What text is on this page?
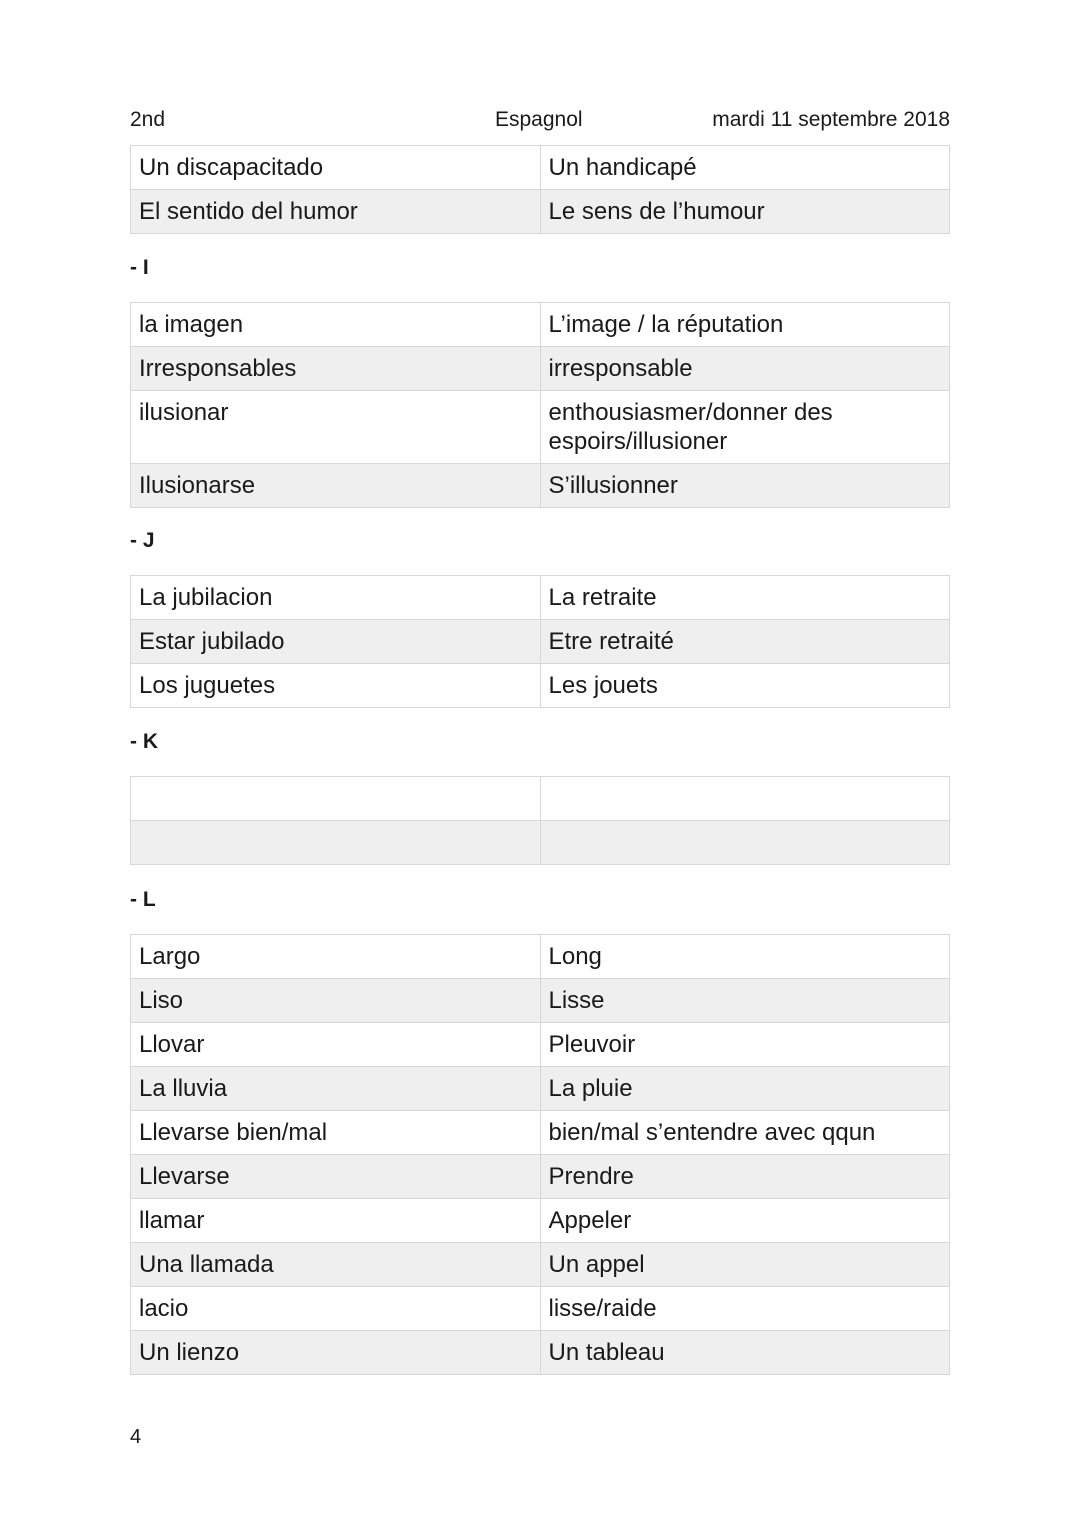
2nd	Espagnol	mardi 11 septembre 2018
Un discapacitado	Un handicapé
El sentido del humor	Le sens de l’humour
- I
la imagen	L’image / la réputation
Irresponsables	irresponsable
ilusionar	enthousiasmer/donner des espoirs/illusioner
Ilusionarse	S’illusionner
- J
La jubilacion	La retraite
Estar jubilado	Etre retraité
Los juguetes	Les jouets
- K

- L
Largo	Long
Liso	Lisse
Llovar	Pleuvoir
La lluvia	La pluie
Llevarse bien/mal	bien/mal s’entendre avec qqun
Llevarse	Prendre
llamar	Appeler
Una llamada	Un appel
lacio	lisse/raide
Un lienzo	Un tableau
4
